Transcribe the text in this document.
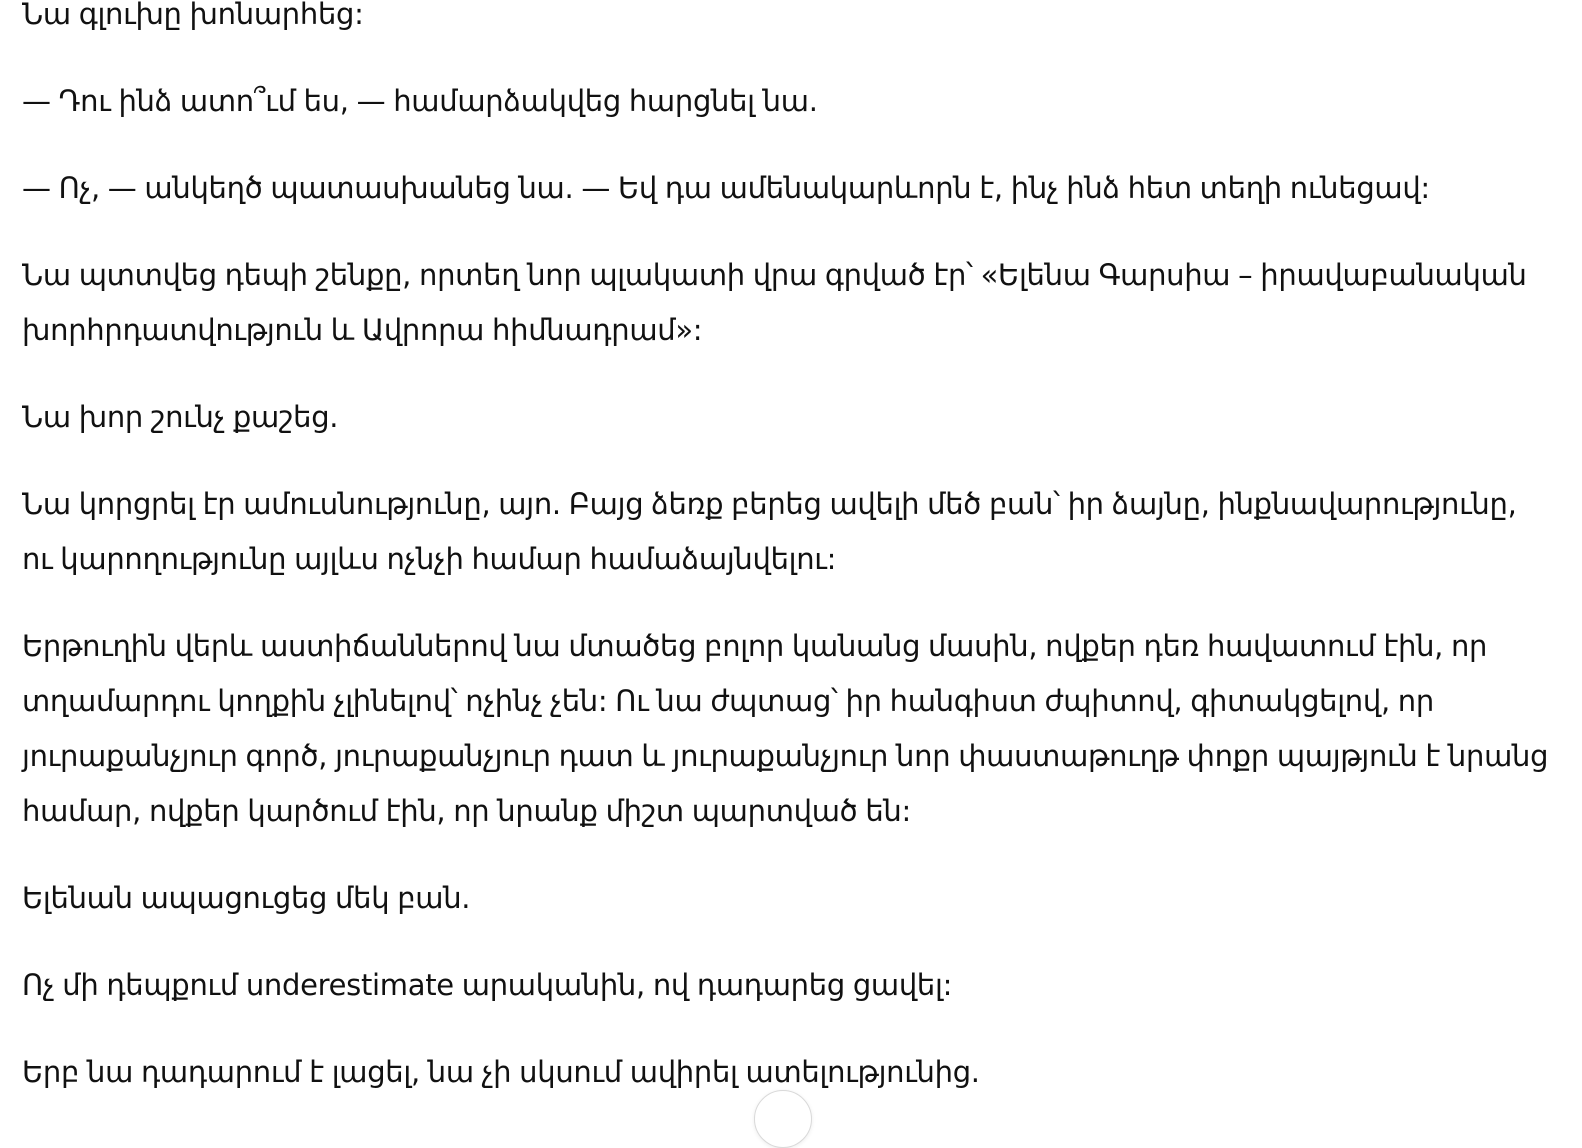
Նա գլուխը խոնարհեց:

— Դու ինձ ատո՞ւմ ես, — համարձակվեց հարցնել նա.

— Ոչ, — անկեղծ պատասխանեց նա. — Եվ դա ամենակարևորն է, ինչ ինձ հետ տեղի ունեցավ:

Նա պտտվեց դեպի շենքը, որտեղ նոր պլակատի վրա գրված էր՝ «Ելենա Գարսիա – իրավաբանական խորհրդատվություն և Ավրորա հիմնադրամ»:

Նա խոր շունչ քաշեց.

Նա կորցրել էր ամուսնությունը, այո. Բայց ձեռք բերեց ավելի մեծ բան՝ իր ձայնը, ինքնավարությունը, ու կարողությունը այլևս ոչնչի համար համաձայնվելու:

Երթուղին վերև աստիճաններով նա մտածեց բոլոր կանանց մասին, ովքեր դեռ հավատում էին, որ տղամարդու կողքին չլինելով՝ ոչինչ չեն: Ու նա ժպտաց՝ իր հանգիստ ժպիտով, գիտակցելով, որ յուրաքանչյուր գործ, յուրաքանչյուր դատ և յուրաքանչյուր նոր փաստաթուղթ փոքր պայթյուն է նրանց համար, ովքեր կարծում էին, որ նրանք միշտ պարտված են:

Ելենան ապացուցեց մեկ բան.

Ոչ մի դեպքում underestimate արականին, ով դադարեց ցավել:

Երբ նա դադարում է լացել, նա չի սկսում ավիրել ատելությունից.
